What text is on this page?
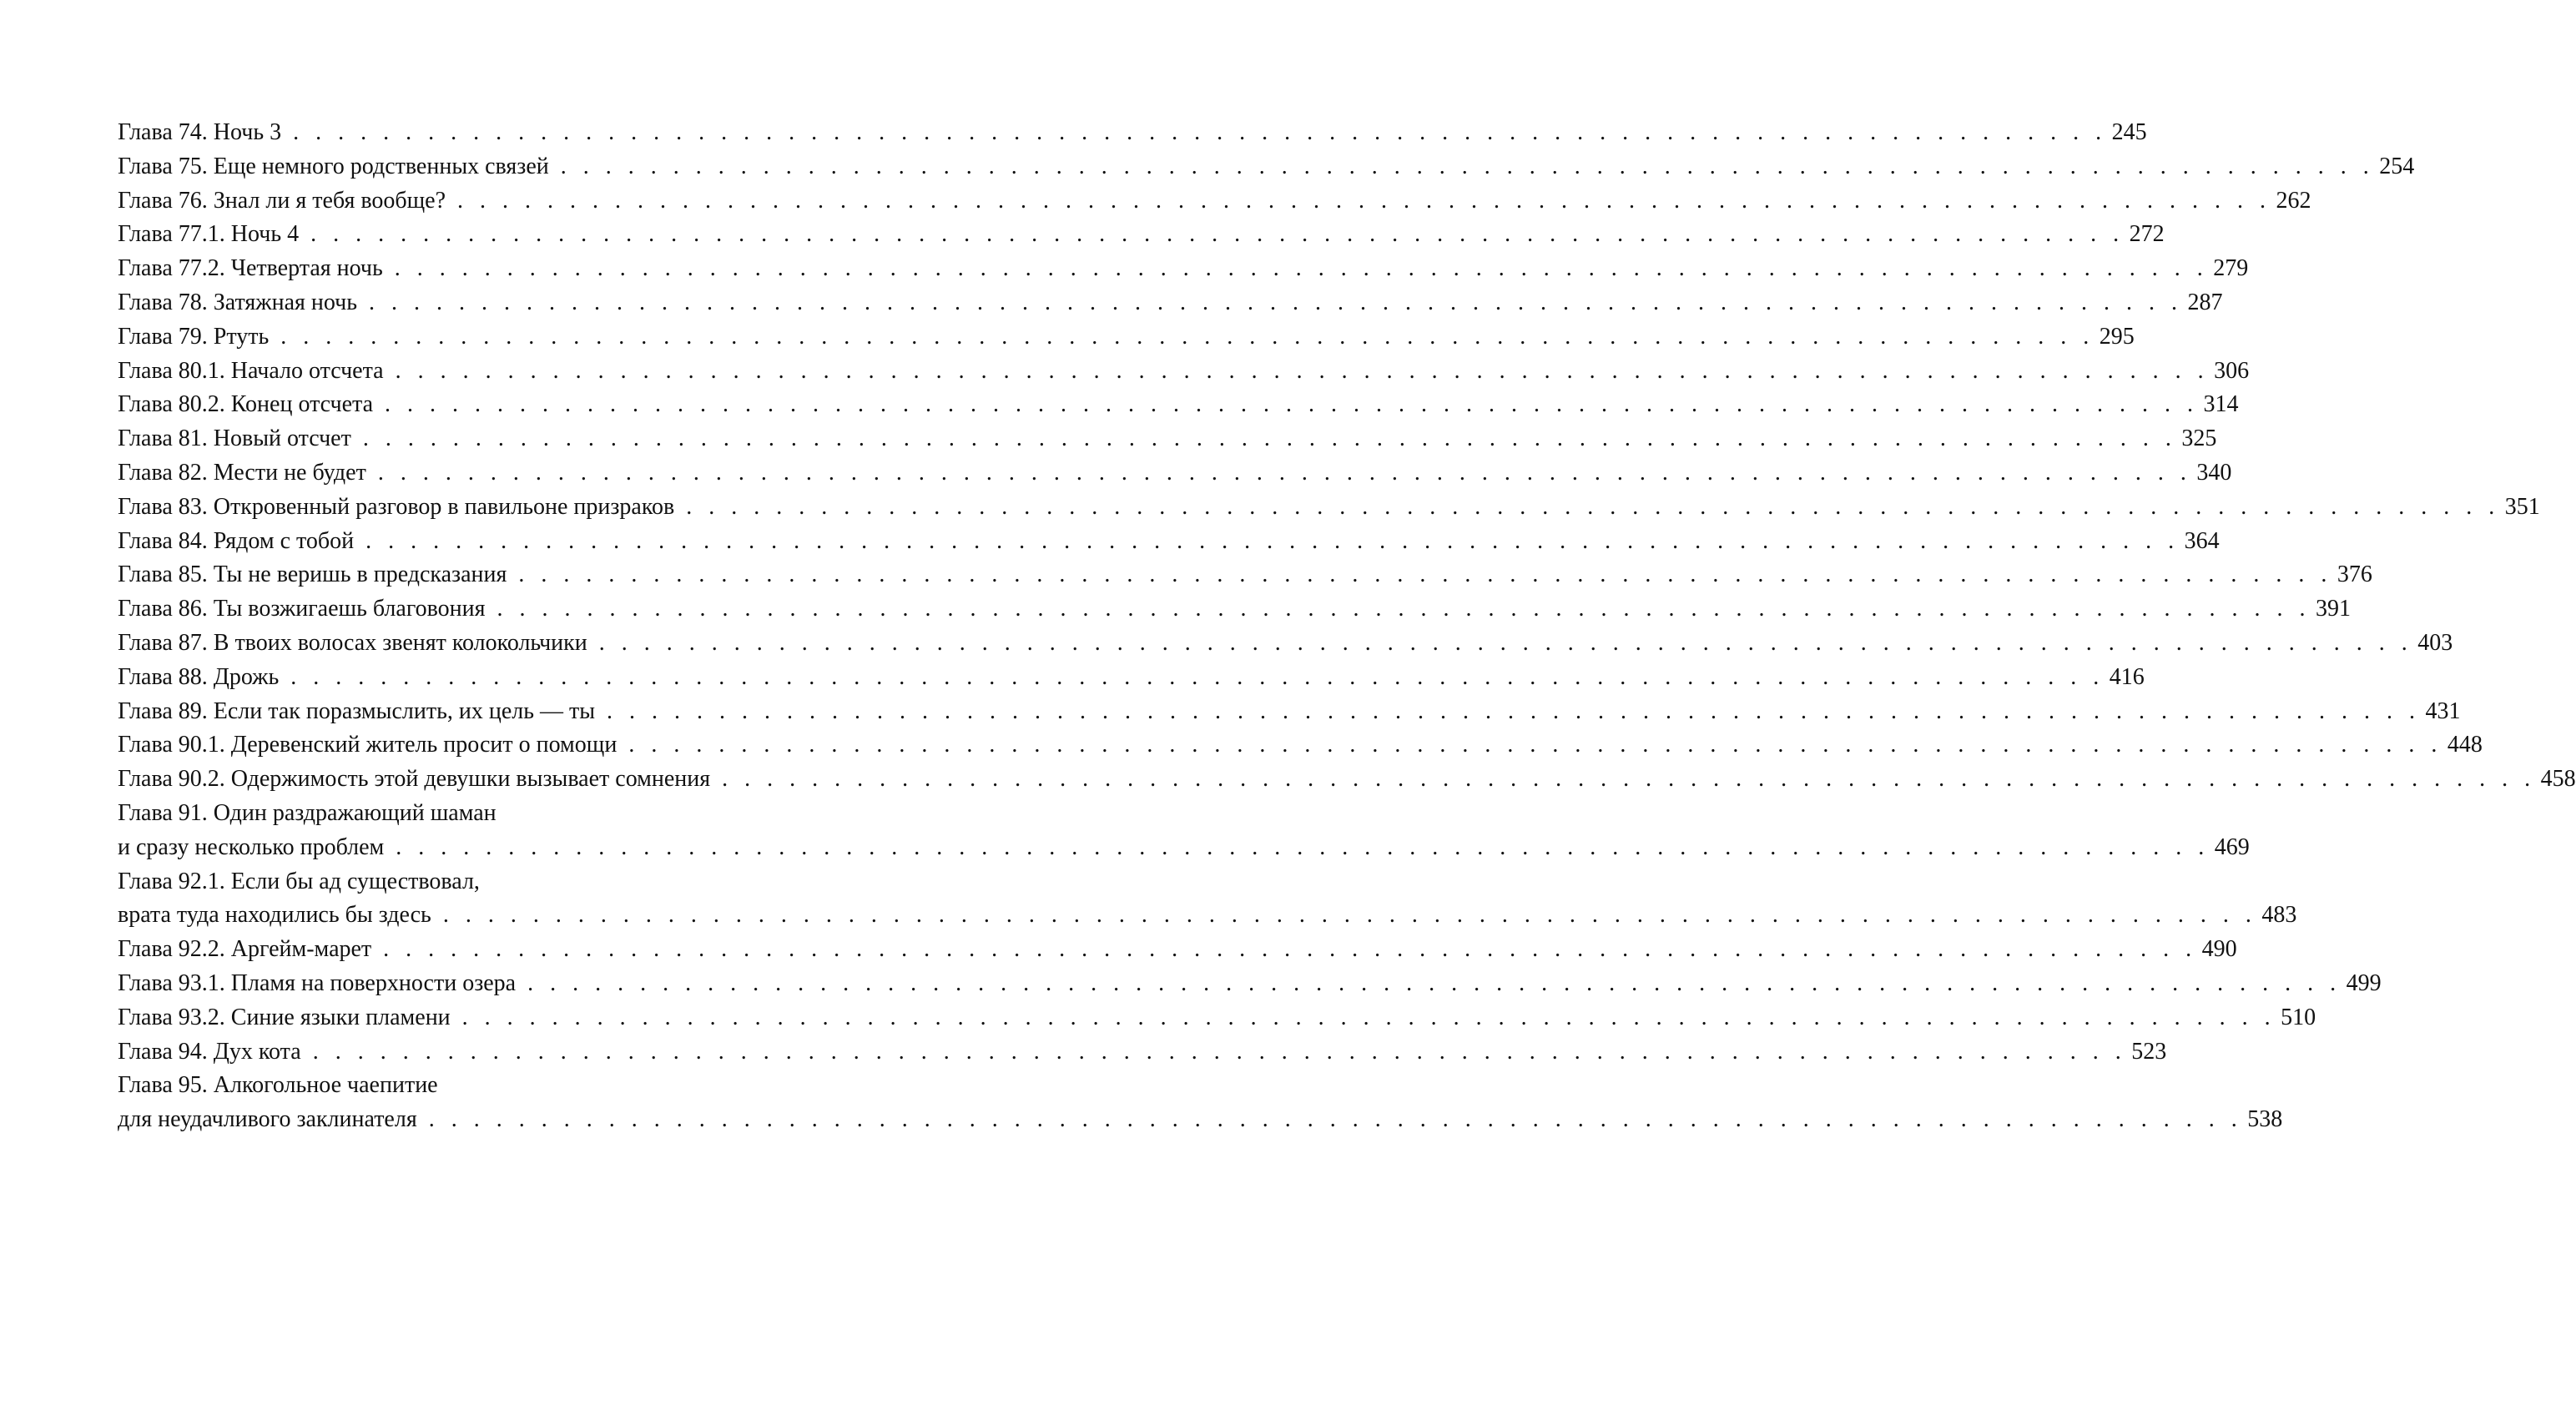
Глава 74. Ночь 3 . . . . . . . . . . . . . . . . . . . . . . . . . . . . . . . . . . . . . . . . . . . . . . . . . . . . . . . . . . . . . . . . . . . . . . . . . . . . . . . . . 245
Глава 75. Еще немного родственных связей . . . . . . . . . . . . . . . . . . . . . . . . . . . . . . . . . . . . . . . . . . . . . . . . . . . . . . . . . . . . . . . . . . . . . . . . . . . . . . . . . 254
Глава 76. Знал ли я тебя вообще? . . . . . . . . . . . . . . . . . . . . . . . . . . . . . . . . . . . . . . . . . . . . . . . . . . . . . . . . . . . . . . . . . . . . . . . . . . . . . . . . . 262
Глава 77.1. Ночь 4 . . . . . . . . . . . . . . . . . . . . . . . . . . . . . . . . . . . . . . . . . . . . . . . . . . . . . . . . . . . . . . . . . . . . . . . . . . . . . . . . . 272
Глава 77.2. Четвертая ночь . . . . . . . . . . . . . . . . . . . . . . . . . . . . . . . . . . . . . . . . . . . . . . . . . . . . . . . . . . . . . . . . . . . . . . . . . . . . . . . . . 279
Глава 78. Затяжная ночь . . . . . . . . . . . . . . . . . . . . . . . . . . . . . . . . . . . . . . . . . . . . . . . . . . . . . . . . . . . . . . . . . . . . . . . . . . . . . . . . . 287
Глава 79. Ртуть . . . . . . . . . . . . . . . . . . . . . . . . . . . . . . . . . . . . . . . . . . . . . . . . . . . . . . . . . . . . . . . . . . . . . . . . . . . . . . . . . 295
Глава 80.1. Начало отсчета . . . . . . . . . . . . . . . . . . . . . . . . . . . . . . . . . . . . . . . . . . . . . . . . . . . . . . . . . . . . . . . . . . . . . . . . . . . . . . . . . 306
Глава 80.2. Конец отсчета . . . . . . . . . . . . . . . . . . . . . . . . . . . . . . . . . . . . . . . . . . . . . . . . . . . . . . . . . . . . . . . . . . . . . . . . . . . . . . . . . 314
Глава 81. Новый отсчет . . . . . . . . . . . . . . . . . . . . . . . . . . . . . . . . . . . . . . . . . . . . . . . . . . . . . . . . . . . . . . . . . . . . . . . . . . . . . . . . . 325
Глава 82. Мести не будет . . . . . . . . . . . . . . . . . . . . . . . . . . . . . . . . . . . . . . . . . . . . . . . . . . . . . . . . . . . . . . . . . . . . . . . . . . . . . . . . . 340
Глава 83. Откровенный разговор в павильоне призраков . . . . . . . . . . . . . . . . . . . . . . . . . . . . . . . . . . . . . . . . . . . . . . . . . . . . . . . . . . . . . . . . . . . . . . . . . . . . . . . . . 351
Глава 84. Рядом с тобой . . . . . . . . . . . . . . . . . . . . . . . . . . . . . . . . . . . . . . . . . . . . . . . . . . . . . . . . . . . . . . . . . . . . . . . . . . . . . . . . . 364
Глава 85. Ты не веришь в предсказания . . . . . . . . . . . . . . . . . . . . . . . . . . . . . . . . . . . . . . . . . . . . . . . . . . . . . . . . . . . . . . . . . . . . . . . . . . . . . . . . . 376
Глава 86. Ты возжигаешь благовония . . . . . . . . . . . . . . . . . . . . . . . . . . . . . . . . . . . . . . . . . . . . . . . . . . . . . . . . . . . . . . . . . . . . . . . . . . . . . . . . . 391
Глава 87. В твоих волосах звенят колокольчики . . . . . . . . . . . . . . . . . . . . . . . . . . . . . . . . . . . . . . . . . . . . . . . . . . . . . . . . . . . . . . . . . . . . . . . . . . . . . . . . . 403
Глава 88. Дрожь . . . . . . . . . . . . . . . . . . . . . . . . . . . . . . . . . . . . . . . . . . . . . . . . . . . . . . . . . . . . . . . . . . . . . . . . . . . . . . . . . 416
Глава 89. Если так поразмыслить, их цель — ты . . . . . . . . . . . . . . . . . . . . . . . . . . . . . . . . . . . . . . . . . . . . . . . . . . . . . . . . . . . . . . . . . . . . . . . . . . . . . . . . . 431
Глава 90.1. Деревенский житель просит о помощи . . . . . . . . . . . . . . . . . . . . . . . . . . . . . . . . . . . . . . . . . . . . . . . . . . . . . . . . . . . . . . . . . . . . . . . . . . . . . . . . . 448
Глава 90.2. Одержимость этой девушки вызывает сомнения . . . . . . . . . . . . . . . . . . . . . . . . . . . . . . . . . . . . . . . . . . . . . . . . . . . . . . . . . . . . . . . . . . . . . . . . . . . . . . . . . 458
Глава 91. Один раздражающий шаман
и сразу несколько проблем . . . . . . . . . . . . . . . . . . . . . . . . . . . . . . . . . . . . . . . . . . . . . . . . . . . . . . . . . . . . . . . . . . . . . . . . . . . . . . . . . 469
Глава 92.1. Если бы ад существовал,
врата туда находились бы здесь . . . . . . . . . . . . . . . . . . . . . . . . . . . . . . . . . . . . . . . . . . . . . . . . . . . . . . . . . . . . . . . . . . . . . . . . . . . . . . . . . 483
Глава 92.2. Аргейм-марет . . . . . . . . . . . . . . . . . . . . . . . . . . . . . . . . . . . . . . . . . . . . . . . . . . . . . . . . . . . . . . . . . . . . . . . . . . . . . . . . . 490
Глава 93.1. Пламя на поверхности озера . . . . . . . . . . . . . . . . . . . . . . . . . . . . . . . . . . . . . . . . . . . . . . . . . . . . . . . . . . . . . . . . . . . . . . . . . . . . . . . . . 499
Глава 93.2. Синие языки пламени . . . . . . . . . . . . . . . . . . . . . . . . . . . . . . . . . . . . . . . . . . . . . . . . . . . . . . . . . . . . . . . . . . . . . . . . . . . . . . . . . 510
Глава 94. Дух кота . . . . . . . . . . . . . . . . . . . . . . . . . . . . . . . . . . . . . . . . . . . . . . . . . . . . . . . . . . . . . . . . . . . . . . . . . . . . . . . . . 523
Глава 95. Алкогольное чаепитие
для неудачливого заклинателя . . . . . . . . . . . . . . . . . . . . . . . . . . . . . . . . . . . . . . . . . . . . . . . . . . . . . . . . . . . . . . . . . . . . . . . . . . . . . . . . . 538
